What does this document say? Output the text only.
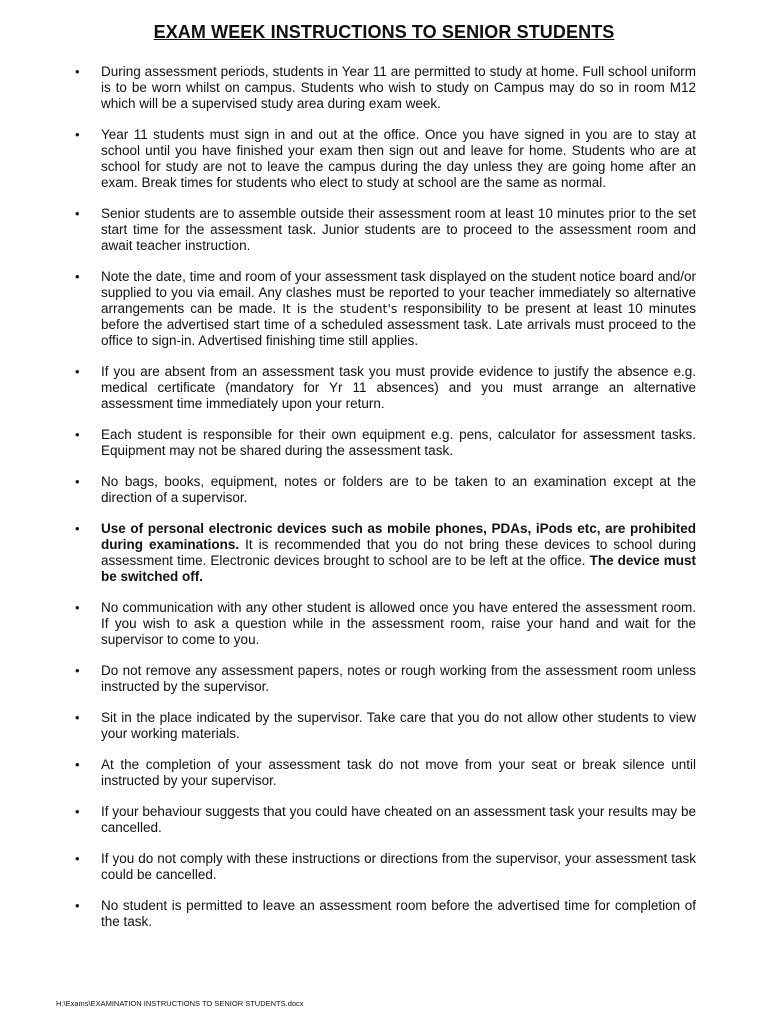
EXAM WEEK INSTRUCTIONS TO SENIOR STUDENTS
• During assessment periods, students in Year 11 are permitted to study at home. Full school uniform is to be worn whilst on campus. Students who wish to study on Campus may do so in room M12 which will be a supervised study area during exam week.
• Year 11 students must sign in and out at the office. Once you have signed in you are to stay at school until you have finished your exam then sign out and leave for home. Students who are at school for study are not to leave the campus during the day unless they are going home after an exam. Break times for students who elect to study at school are the same as normal.
• Senior students are to assemble outside their assessment room at least 10 minutes prior to the set start time for the assessment task. Junior students are to proceed to the assessment room and await teacher instruction.
• Note the date, time and room of your assessment task displayed on the student notice board and/or supplied to you via email. Any clashes must be reported to your teacher immediately so alternative arrangements can be made. It is the student's responsibility to be present at least 10 minutes before the advertised start time of a scheduled assessment task. Late arrivals must proceed to the office to sign-in. Advertised finishing time still applies.
• If you are absent from an assessment task you must provide evidence to justify the absence e.g. medical certificate (mandatory for Yr 11 absences) and you must arrange an alternative assessment time immediately upon your return.
• Each student is responsible for their own equipment e.g. pens, calculator for assessment tasks. Equipment may not be shared during the assessment task.
• No bags, books, equipment, notes or folders are to be taken to an examination except at the direction of a supervisor.
• Use of personal electronic devices such as mobile phones, PDAs, iPods etc, are prohibited during examinations. It is recommended that you do not bring these devices to school during assessment time. Electronic devices brought to school are to be left at the office. The device must be switched off.
• No communication with any other student is allowed once you have entered the assessment room. If you wish to ask a question while in the assessment room, raise your hand and wait for the supervisor to come to you.
• Do not remove any assessment papers, notes or rough working from the assessment room unless instructed by the supervisor.
• Sit in the place indicated by the supervisor. Take care that you do not allow other students to view your working materials.
• At the completion of your assessment task do not move from your seat or break silence until instructed by your supervisor.
• If your behaviour suggests that you could have cheated on an assessment task your results may be cancelled.
• If you do not comply with these instructions or directions from the supervisor, your assessment task could be cancelled.
• No student is permitted to leave an assessment room before the advertised time for completion of the task.
H:\Exams\EXAMINATION INSTRUCTIONS TO SENIOR STUDENTS.docx
